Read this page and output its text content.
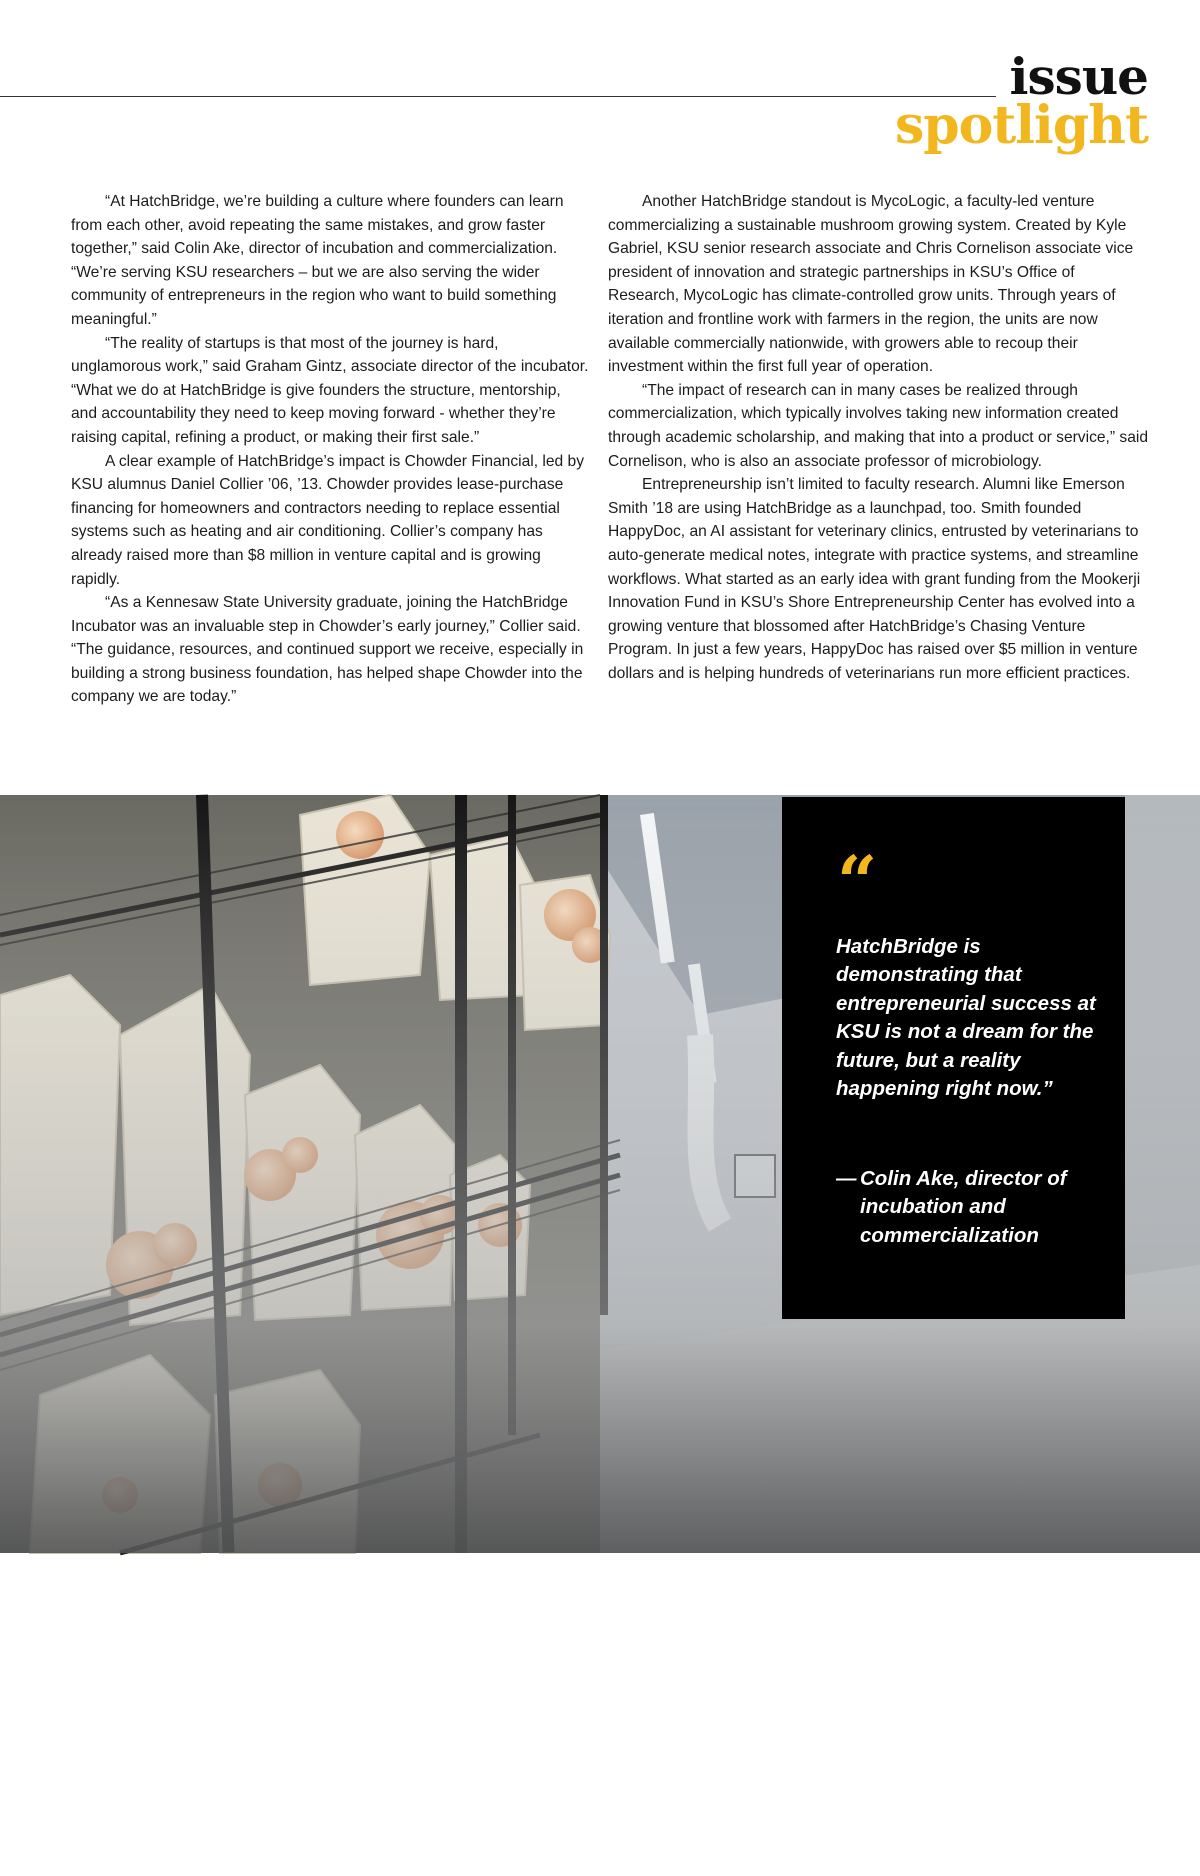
issue
spotlight

“At HatchBridge, we’re building a culture where founders can learn from each other, avoid repeating the same mistakes, and grow faster together,” said Colin Ake, director of incubation and commercialization. “We’re serving KSU researchers – but we are also serving the wider community of entrepreneurs in the region who want to build something meaningful.”

“The reality of startups is that most of the journey is hard, unglamorous work,” said Graham Gintz, associate director of the incubator. “What we do at HatchBridge is give founders the structure, mentorship, and accountability they need to keep moving forward - whether they’re raising capital, refining a product, or making their first sale.”

A clear example of HatchBridge’s impact is Chowder Financial, led by KSU alumnus Daniel Collier ’06, ’13. Chowder provides lease-purchase financing for homeowners and contractors needing to replace essential systems such as heating and air conditioning. Collier’s company has already raised more than $8 million in venture capital and is growing rapidly.

“As a Kennesaw State University graduate, joining the HatchBridge Incubator was an invaluable step in Chowder’s early journey,” Collier said. “The guidance, resources, and continued support we receive, especially in building a strong business foundation, has helped shape Chowder into the company we are today.”

Another HatchBridge standout is MycoLogic, a faculty-led venture commercializing a sustainable mushroom growing system. Created by Kyle Gabriel, KSU senior research associate and Chris Cornelison associate vice president of innovation and strategic partnerships in KSU’s Office of Research, MycoLogic has climate-controlled grow units. Through years of iteration and frontline work with farmers in the region, the units are now available commercially nationwide, with growers able to recoup their investment within the first full year of operation.

“The impact of research can in many cases be realized through commercialization, which typically involves taking new information created through academic scholarship, and making that into a product or service,” said Cornelison, who is also an associate professor of microbiology.

Entrepreneurship isn’t limited to faculty research. Alumni like Emerson Smith ’18 are using HatchBridge as a launchpad, too. Smith founded HappyDoc, an AI assistant for veterinary clinics, entrusted by veterinarians to auto-generate medical notes, integrate with practice systems, and streamline workflows. What started as an early idea with grant funding from the Mookerji Innovation Fund in KSU’s Shore Entrepreneurship Center has evolved into a growing venture that blossomed after HatchBridge’s Chasing Venture Program. In just a few years, HappyDoc has raised over $5 million in venture dollars and is helping hundreds of veterinarians run more efficient practices.

HATCHBRIDGE MEMBER MYCOLOGIC HAS BROUGHT INNOVATION IN CULINARY MUSHROOM PRODUCTION, DEVELOPED THROUGH KSU RESEARCH, TO THE MARKETPLACE.
“
HatchBridge is demonstrating that entrepreneurial success at KSU is not a dream for the future, but a reality happening right now.”
— Colin Ake, director of incubation and commercialization
